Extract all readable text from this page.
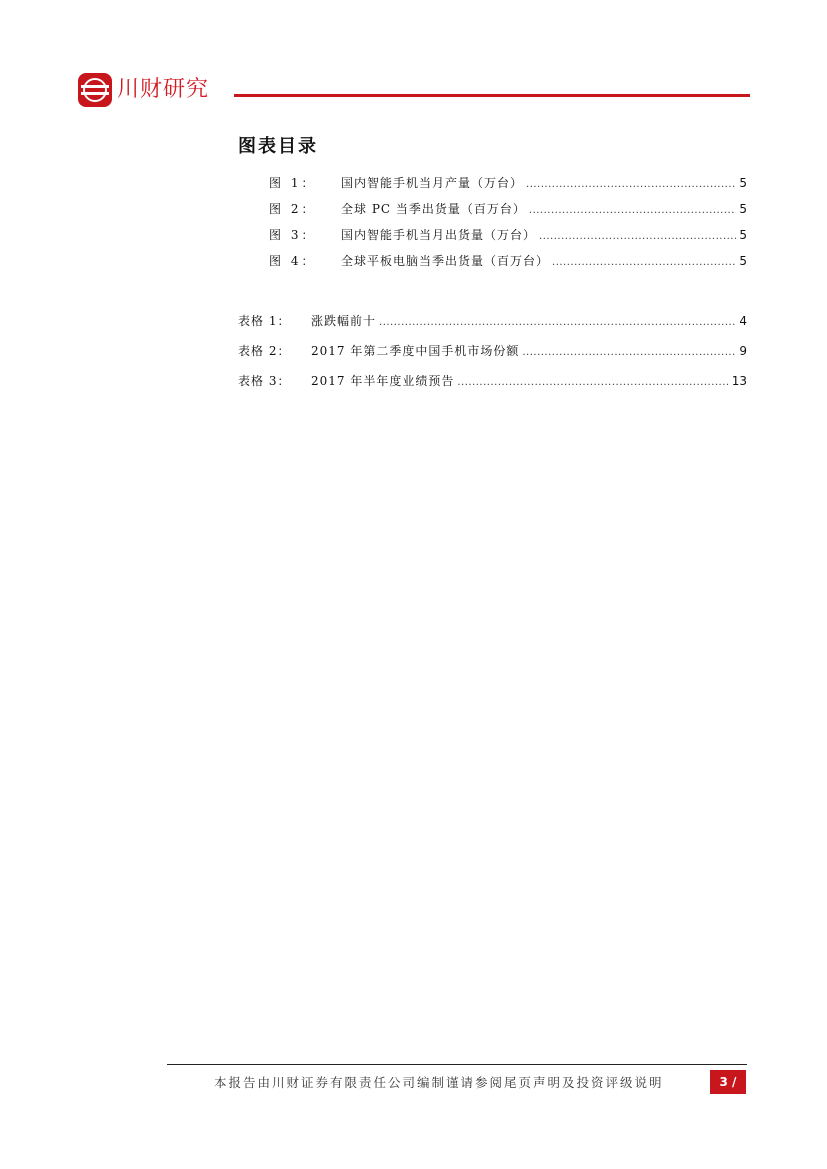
川财研究
图表目录
图 1：	国内智能手机当月产量（万台） .....	5
图 2：	全球 PC 当季出货量（百万台） .....	5
图 3：	国内智能手机当月出货量（万台） .....	5
图 4：	全球平板电脑当季出货量（百万台） .....	5
表格 1：	涨跌幅前十 .....	4
表格 2：	2017 年第二季度中国手机市场份额 .....	9
表格 3：	2017 年半年度业绩预告 .....	13
本报告由川财证券有限责任公司编制谨请参阅尾页声明及投资评级说明	3 / 18
